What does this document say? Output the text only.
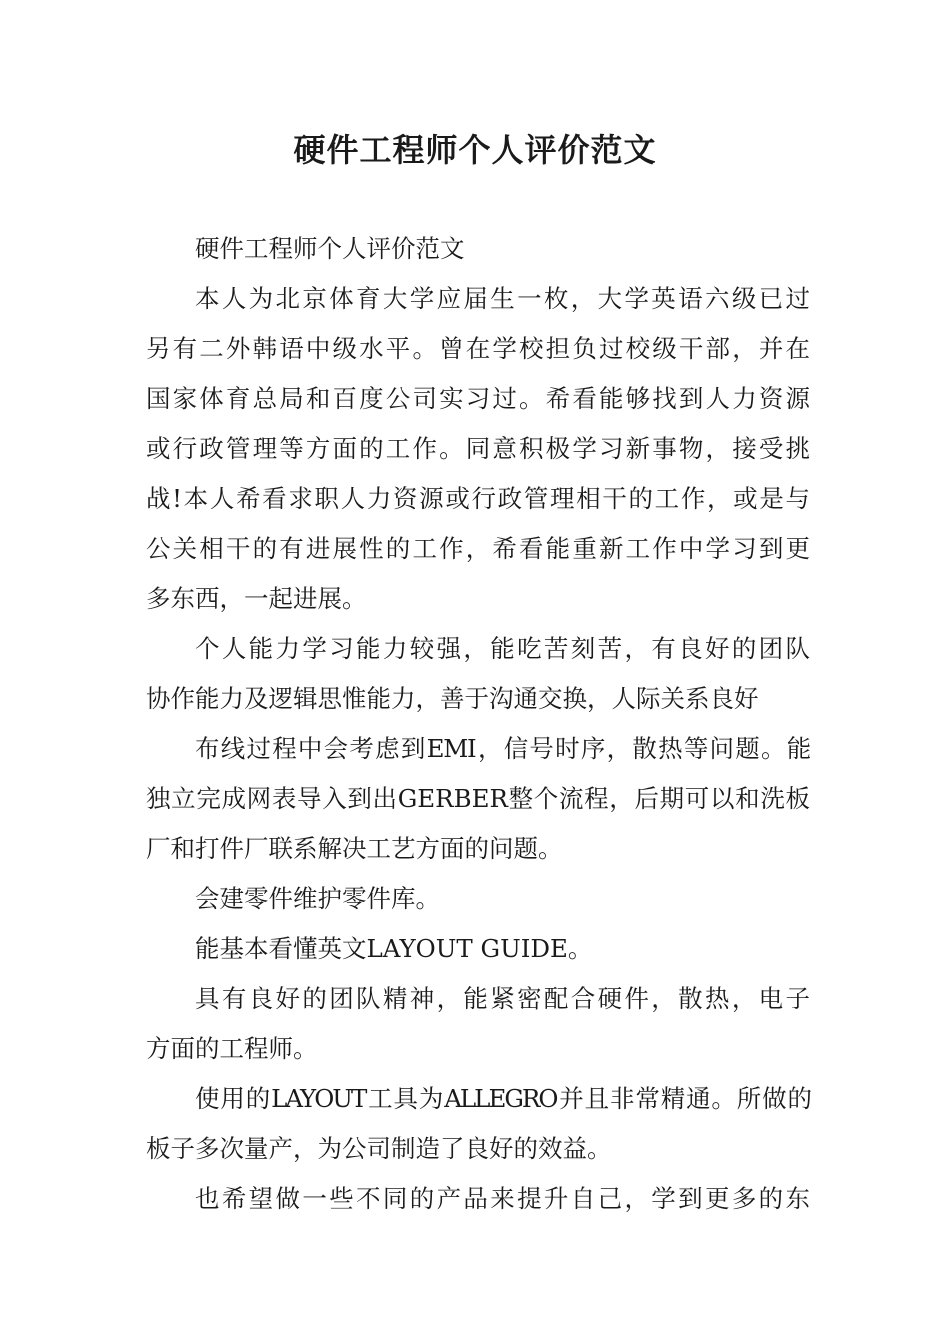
硬件工程师个人评价范文

硬件工程师个人评价范文

本人为北京体育大学应届生一枚，大学英语六级已过
另有二外韩语中级水平。曾在学校担负过校级干部，并在
国家体育总局和百度公司实习过。希看能够找到人力资源
或行政管理等方面的工作。同意积极学习新事物，接受挑
战!本人希看求职人力资源或行政管理相干的工作，或是与
公关相干的有进展性的工作，希看能重新工作中学习到更
多东西，一起进展。

个人能力学习能力较强，能吃苦刻苦，有良好的团队
协作能力及逻辑思惟能力，善于沟通交换，人际关系良好

布线过程中会考虑到EMI，信号时序，散热等问题。能
独立完成网表导入到出GERBER整个流程，后期可以和洗板
厂和打件厂联系解决工艺方面的问题。

会建零件维护零件库。

能基本看懂英文LAYOUT GUIDE。

具有良好的团队精神，能紧密配合硬件，散热，电子
方面的工程师。

使用的LAYOUT工具为ALLEGRO并且非常精通。所做的
板子多次量产，为公司制造了良好的效益。

也希望做一些不同的产品来提升自己，学到更多的东
